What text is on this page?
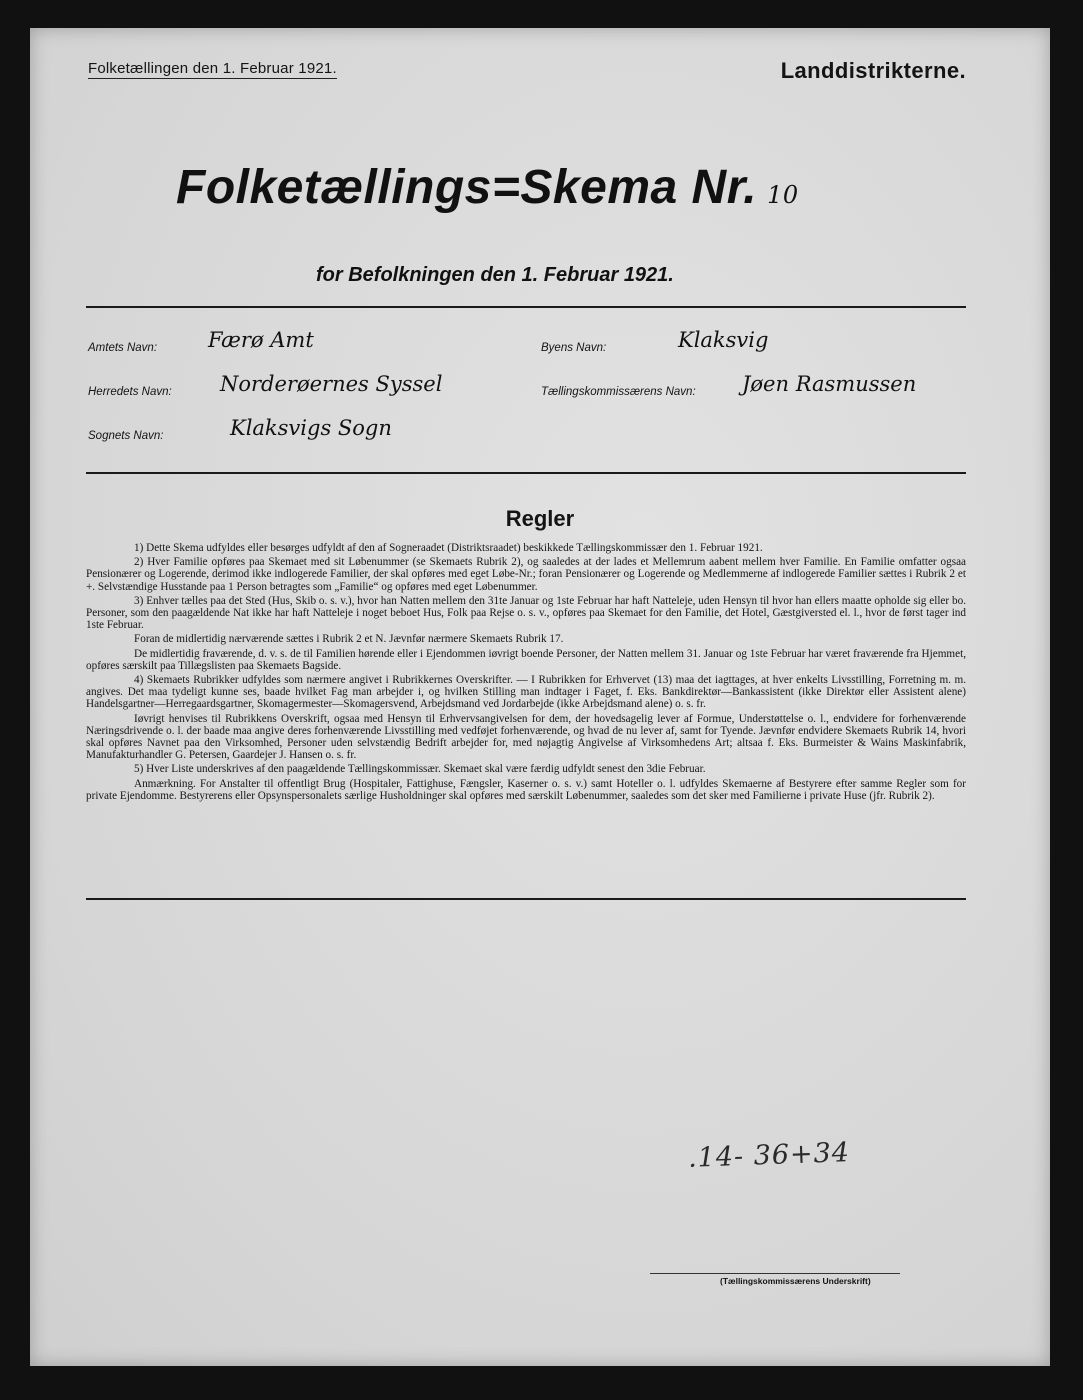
Folketællingen den 1. Februar 1921.	Landdistrikterne.
Folketællings=Skema Nr. 10
for Befolkningen den 1. Februar 1921.
Amtets Navn: Færø Amt	Byens Navn:	Klaksvig
Herredets Navn: Norderøernes Syssel	Tællingskommissærens Navn: Jøen Rasmussen
Sognets Navn:	Klaksvigs Sogn
Regler

1) Dette Skema udfyldes eller besørges udfyldt af den af Sogneraadet (Distriktsraadet) beskikkede Tællingskommissær den 1. Februar 1921.

2) Hver Familie opføres paa Skemaet med sit Løbenummer (se Skemaets Rubrik 2), og saaledes at der lades et Mellemrum aabent mellem hver Familie. En Familie omfatter ogsaa Pensionærer og Logerende, derimod ikke indlogerede Familier, der skal opføres med eget Løbe-Nr.; foran Pensionærer og Logerende og Medlemmerne af indlogerede Familier sættes i Rubrik 2 et +. Selvstændige Husstande paa 1 Person betragtes som „Familie“ og opføres med eget Løbenummer.

3) Enhver tælles paa det Sted (Hus, Skib o. s. v.), hvor han Natten mellem den 31te Januar og 1ste Februar har haft Natteleje, uden Hensyn til hvor han ellers maatte opholde sig eller bo. Personer, som den paagældende Nat ikke har haft Natteleje i noget beboet Hus, Folk paa Rejse o. s. v., opføres paa Skemaet for den Familie, det Hotel, Gæstgiversted el. l., hvor de først tager ind 1ste Februar.

Foran de midlertidig nærværende sættes i Rubrik 2 et N. Jævnfør nærmere Skemaets Rubrik 17.

De midlertidig fraværende, d. v. s. de til Familien hørende eller i Ejendommen iøvrigt boende Personer, der Natten mellem 31. Januar og 1ste Februar har været fraværende fra Hjemmet, opføres særskilt paa Tillægslisten paa Skemaets Bagside.

4) Skemaets Rubrikker udfyldes som nærmere angivet i Rubrikkernes Overskrifter. — I Rubrikken for Erhvervet (13) maa det iagttages, at hver enkelts Livsstilling, Forretning m. m. angives. Det maa tydeligt kunne ses, baade hvilket Fag man arbejder i, og hvilken Stilling man indtager i Faget, f. Eks. Bankdirektør—Bankassistent (ikke Direktør eller Assistent alene) Handelsgartner—Herregaardsgartner, Skomagermester—Skomagersvend, Arbejdsmand ved Jordarbejde (ikke Arbejdsmand alene) o. s. fr.

Iøvrigt henvises til Rubrikkens Overskrift, ogsaa med Hensyn til Erhvervsangivelsen for dem, der hovedsagelig lever af Formue, Understøttelse o. l., endvidere for forhenværende Næringsdrivende o. l. der baade maa angive deres forhenværende Livsstilling med vedføjet forhenværende, og hvad de nu lever af, samt for Tyende. Jævnfør endvidere Skemaets Rubrik 14, hvori skal opføres Navnet paa den Virksomhed, Personer uden selvstændig Bedrift arbejder for, med nøjagtig Angivelse af Virksomhedens Art; altsaa f. Eks. Burmeister & Wains Maskinfabrik, Manufakturhandler G. Petersen, Gaardejer J. Hansen o. s. fr.

5) Hver Liste underskrives af den paagældende Tællingskommissær. Skemaet skal være færdig udfyldt senest den 3die Februar.

Anmærkning. For Anstalter til offentligt Brug (Hospitaler, Fattighuse, Fængsler, Kaserner o. s. v.) samt Hoteller o. l. udfyldes Skemaerne af Bestyrere efter samme Regler som for private Ejendomme. Bestyrerens eller Opsynspersonalets særlige Husholdninger skal opføres med særskilt Løbenummer, saaledes som det sker med Familierne i private Huse (jfr. Rubrik 2).

.14- 36+34
(Tællingskommissærens Underskrift)
